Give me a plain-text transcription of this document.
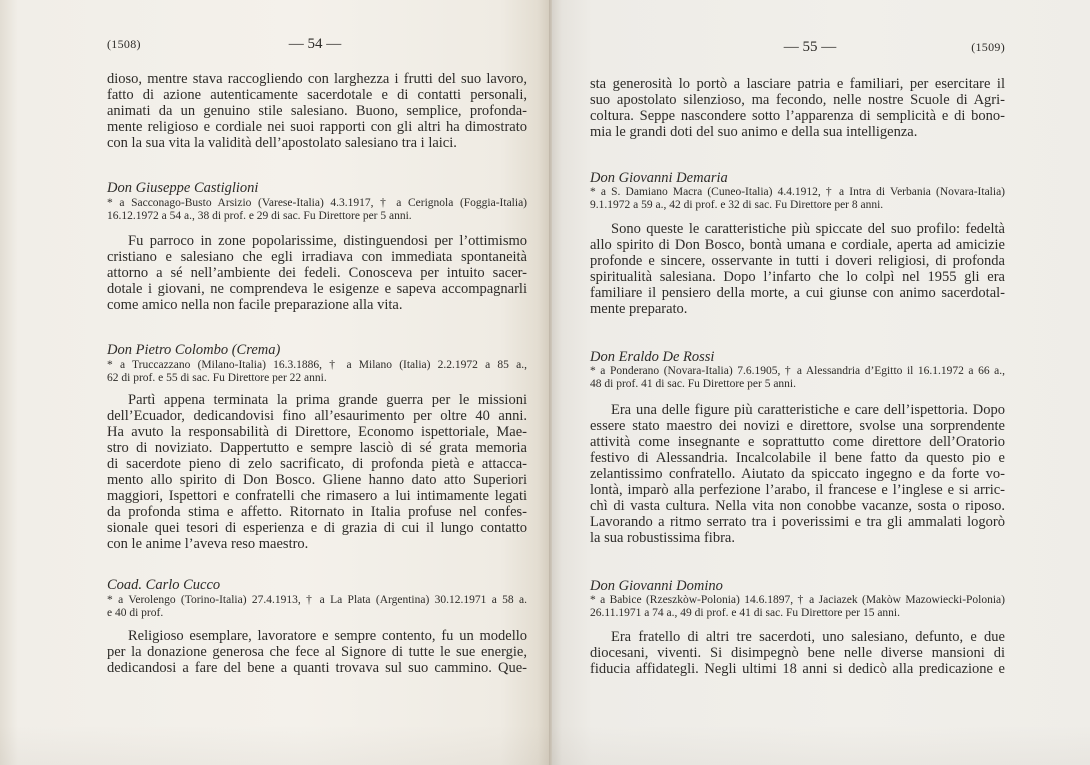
(1508)	— 54 —
dioso, mentre stava raccogliendo con larghezza i frutti del suo lavoro,
fatto di azione autenticamente sacerdotale e di contatti personali,
animati da un genuino stile salesiano. Buono, semplice, profonda-
mente religioso e cordiale nei suoi rapporti con gli altri ha dimostrato
con la sua vita la validità dell’apostolato salesiano tra i laici.
Don Giuseppe Castiglioni
* a Sacconago-Busto Arsizio (Varese-Italia) 4.3.1917, † a Cerignola (Foggia-Italia)
16.12.1972 a 54 a., 38 di prof. e 29 di sac. Fu Direttore per 5 anni.
Fu parroco in zone popolarissime, distinguendosi per l’ottimismo
cristiano e salesiano che egli irradiava con immediata spontaneità
attorno a sé nell’ambiente dei fedeli. Conosceva per intuito sacer-
dotale i giovani, ne comprendeva le esigenze e sapeva accompagnarli
come amico nella non facile preparazione alla vita.
Don Pietro Colombo (Crema)
* a Truccazzano (Milano-Italia) 16.3.1886, † a Milano (Italia) 2.2.1972 a 85 a.,
62 di prof. e 55 di sac. Fu Direttore per 22 anni.
Partì appena terminata la prima grande guerra per le missioni
dell’Ecuador, dedicandovisi fino all’esaurimento per oltre 40 anni.
Ha avuto la responsabilità di Direttore, Economo ispettoriale, Mae-
stro di noviziato. Dappertutto e sempre lasciò di sé grata memoria
di sacerdote pieno di zelo sacrificato, di profonda pietà e attacca-
mento allo spirito di Don Bosco. Gliene hanno dato atto Superiori
maggiori, Ispettori e confratelli che rimasero a lui intimamente legati
da profonda stima e affetto. Ritornato in Italia profuse nel confes-
sionale quei tesori di esperienza e di grazia di cui il lungo contatto
con le anime l’aveva reso maestro.
Coad. Carlo Cucco
* a Verolengo (Torino-Italia) 27.4.1913, † a La Plata (Argentina) 30.12.1971 a 58 a.
e 40 di prof.
Religioso esemplare, lavoratore e sempre contento, fu un modello
per la donazione generosa che fece al Signore di tutte le sue energie,
dedicandosi a fare del bene a quanti trovava sul suo cammino. Que-
— 55 —	(1509)
sta generosità lo portò a lasciare patria e familiari, per esercitare il
suo apostolato silenzioso, ma fecondo, nelle nostre Scuole di Agri-
coltura. Seppe nascondere sotto l’apparenza di semplicità e di bono-
mia le grandi doti del suo animo e della sua intelligenza.
Don Giovanni Demaria
* a S. Damiano Macra (Cuneo-Italia) 4.4.1912, † a Intra di Verbania (Novara-Italia)
9.1.1972 a 59 a., 42 di prof. e 32 di sac. Fu Direttore per 8 anni.
Sono queste le caratteristiche più spiccate del suo profilo: fedeltà
allo spirito di Don Bosco, bontà umana e cordiale, aperta ad amicizie
profonde e sincere, osservante in tutti i doveri religiosi, di profonda
spiritualità salesiana. Dopo l’infarto che lo colpì nel 1955 gli era
familiare il pensiero della morte, a cui giunse con animo sacerdotal-
mente preparato.
Don Eraldo De Rossi
* a Ponderano (Novara-Italia) 7.6.1905, † a Alessandria d’Egitto il 16.1.1972 a 66 a.,
48 di prof. 41 di sac. Fu Direttore per 5 anni.
Era una delle figure più caratteristiche e care dell’ispettoria. Dopo
essere stato maestro dei novizi e direttore, svolse una sorprendente
attività come insegnante e soprattutto come direttore dell’Oratorio
festivo di Alessandria. Incalcolabile il bene fatto da questo pio e
zelantissimo confratello. Aiutato da spiccato ingegno e da forte vo-
lontà, imparò alla perfezione l’arabo, il francese e l’inglese e si arric-
chì di vasta cultura. Nella vita non conobbe vacanze, sosta o riposo.
Lavorando a ritmo serrato tra i poverissimi e tra gli ammalati logorò
la sua robustissima fibra.
Don Giovanni Domino
* a Babice (Rzeszkòw-Polonia) 14.6.1897, † a Jaciazek (Makòw Mazowiecki-Polonia)
26.11.1971 a 74 a., 49 di prof. e 41 di sac. Fu Direttore per 15 anni.
Era fratello di altri tre sacerdoti, uno salesiano, defunto, e due
diocesani, viventi. Si disimpegnò bene nelle diverse mansioni di
fiducia affidategli. Negli ultimi 18 anni si dedicò alla predicazione e
